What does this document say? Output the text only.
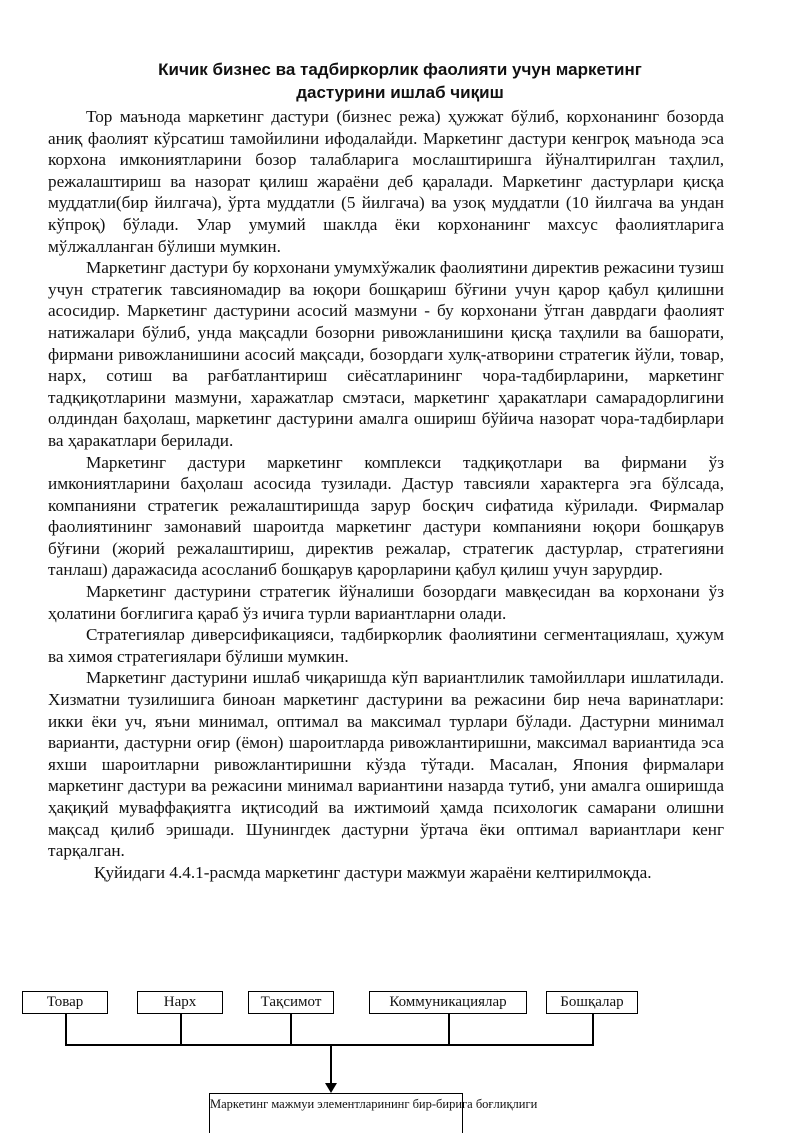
Кичик бизнес ва тадбиркорлик фаолияти учун маркетинг
дастурини ишлаб чиқиш

Тор маънода маркетинг дастури (бизнес режа) ҳужжат бўлиб, корхонанинг бозорда аниқ фаолият кўрсатиш тамойилини ифодалайди. Маркетинг дастури кенгроқ маънода эса корхона имкониятларини бозор талабларига мослаштиришга йўналтирилган таҳлил, режалаштириш ва назорат қилиш жараёни деб қаралади. Маркетинг дастурлари қисқа муддатли(бир йилгача), ўрта муддатли (5 йилгача) ва узоқ муддатли (10 йилгача ва ундан кўпроқ) бўлади. Улар умумий шаклда ёки корхонанинг махсус фаолиятларига мўлжалланган бўлиши мумкин.

Маркетинг дастури бу корхонани умумхўжалик фаолиятини директив режасини тузиш учун стратегик тавсияномадир ва юқори бошқариш бўғини учун қарор қабул қилишни асосидир. Маркетинг дастурини асосий мазмуни - бу корхонани ўтган даврдаги фаолият натижалари бўлиб, унда мақсадли бозорни ривожланишини қисқа таҳлили ва башорати, фирмани ривожланишини асосий мақсади, бозордаги хулқ-атворини стратегик йўли, товар, нарх, сотиш ва рағбатлантириш сиёсатларининг чора-тадбирларини, маркетинг тадқиқотларини мазмуни, харажатлар смэтаси, маркетинг ҳаракатлари самарадорлигини олдиндан баҳолаш, маркетинг дастурини амалга ошириш бўйича назорат чора-тадбирлари ва ҳаракатлари берилади.

Маркетинг дастури маркетинг комплекси тадқиқотлари ва фирмани ўз имкониятларини баҳолаш асосида тузилади. Дастур тавсияли характерга эга бўлсада, компанияни стратегик режалаштиришда зарур босқич сифатида кўрилади. Фирмалар фаолиятининг замонавий шароитда маркетинг дастури компанияни юқори бошқарув бўғини (жорий режалаштириш, директив режалар, стратегик дастурлар, стратегияни танлаш) даражасида асосланиб бошқарув қарорларини қабул қилиш учун зарурдир.

Маркетинг дастурини стратегик йўналиши бозордаги мавқесидан ва корхонани ўз ҳолатини боғлигига қараб ўз ичига турли вариантларни олади.

Стратегиялар диверсификацияси, тадбиркорлик фаолиятини сегментациялаш, ҳужум ва химоя стратегиялари бўлиши мумкин.

Маркетинг дастурини ишлаб чиқаришда кўп вариантлилик тамойиллари ишлатилади. Хизматни тузилишига биноан маркетинг дастурини ва режасини бир неча варинатлари: икки ёки уч, яъни минимал, оптимал ва максимал турлари бўлади. Дастурни минимал варианти, дастурни оғир (ёмон) шароитларда ривожлантиришни, максимал вариантида эса яхши шароитларни ривожлантиришни кўзда тўтади. Масалан, Япония фирмалари маркетинг дастури ва режасини минимал вариантини назарда тутиб, уни амалга оширишда ҳақиқий муваффақиятга иқтисодий ва ижтимоий ҳамда психологик самарани олишни мақсад қилиб эришади. Шунингдек дастурни ўртача ёки оптимал вариантлари кенг тарқалган.

Қуйидаги 4.4.1-расмда маркетинг дастури мажмуи жараёни келтирилмоқда.

Товар	Нарх	Тақсимот	Коммуникациялар	Бошқалар
Маркетинг мажмуи элементларининг бир-бирига боғлиқлиги
